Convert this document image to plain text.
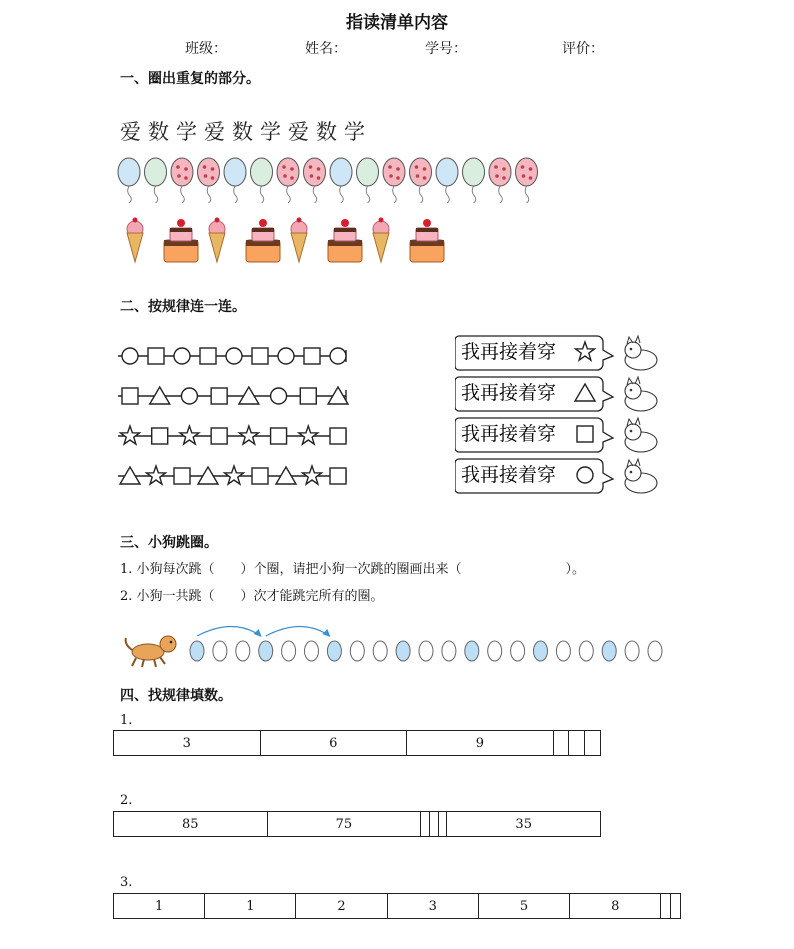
指读清单内容
班级：	姓名：	学号：	评价：
一、圈出重复的部分。
爱数学爱数学爱数学
二、按规律连一连。
我再接着穿
我再接着穿
我再接着穿
我再接着穿
三、小狗跳圈。
1. 小狗每次跳（　　）个圈，请把小狗一次跳的圈画出来（　　　　　　　　）。
2. 小狗一共跳（　　）次才能跳完所有的圈。
四、找规律填数。
1.
3	6	9			
2.
85	75				35
3.
1	1	2	3	5	8		
